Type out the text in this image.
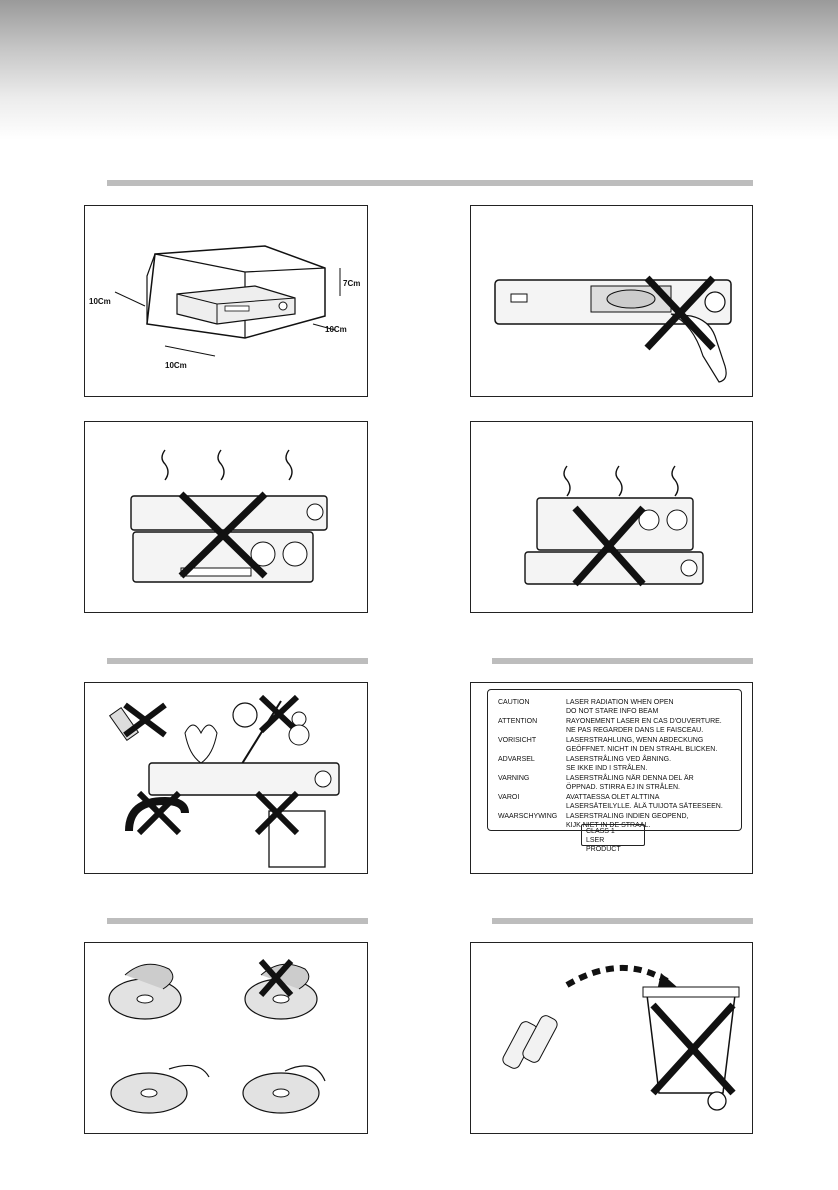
7Cm
10Cm
10Cm
10Cm
CAUTION	LASER RADIATION WHEN OPEN
DO NOT STARE INFO BEAM
ATTENTION	RAYONEMENT LASER EN CAS D'OUVERTURE.
NE PAS REGARDER DANS LE FAISCEAU.
VORISICHT	LASERSTRAHLUNG, WENN ABDECKUNG
GEÖFFNET. NICHT IN DEN STRAHL BLICKEN.
ADVARSEL	LASERSTRÅLING VED ÅBNING.
SE IKKE IND I STRÅLEN.
VARNING	LASERSTRÅLING NÄR DENNA DEL ÄR
ÖPPNAD. STIRRA EJ IN STRÅLEN.
VAROI	AVATTAESSA OLET ALTTINA
LASERSÄTEILYLLE. ÄLÄ TUIJOTA SÄTEESEEN.
WAARSCHYWING LASERSTRALING INDIEN GEOPEND,
KIJK NIET IN DE STRAAL.
CLASS 1
LSER PRODUCT
